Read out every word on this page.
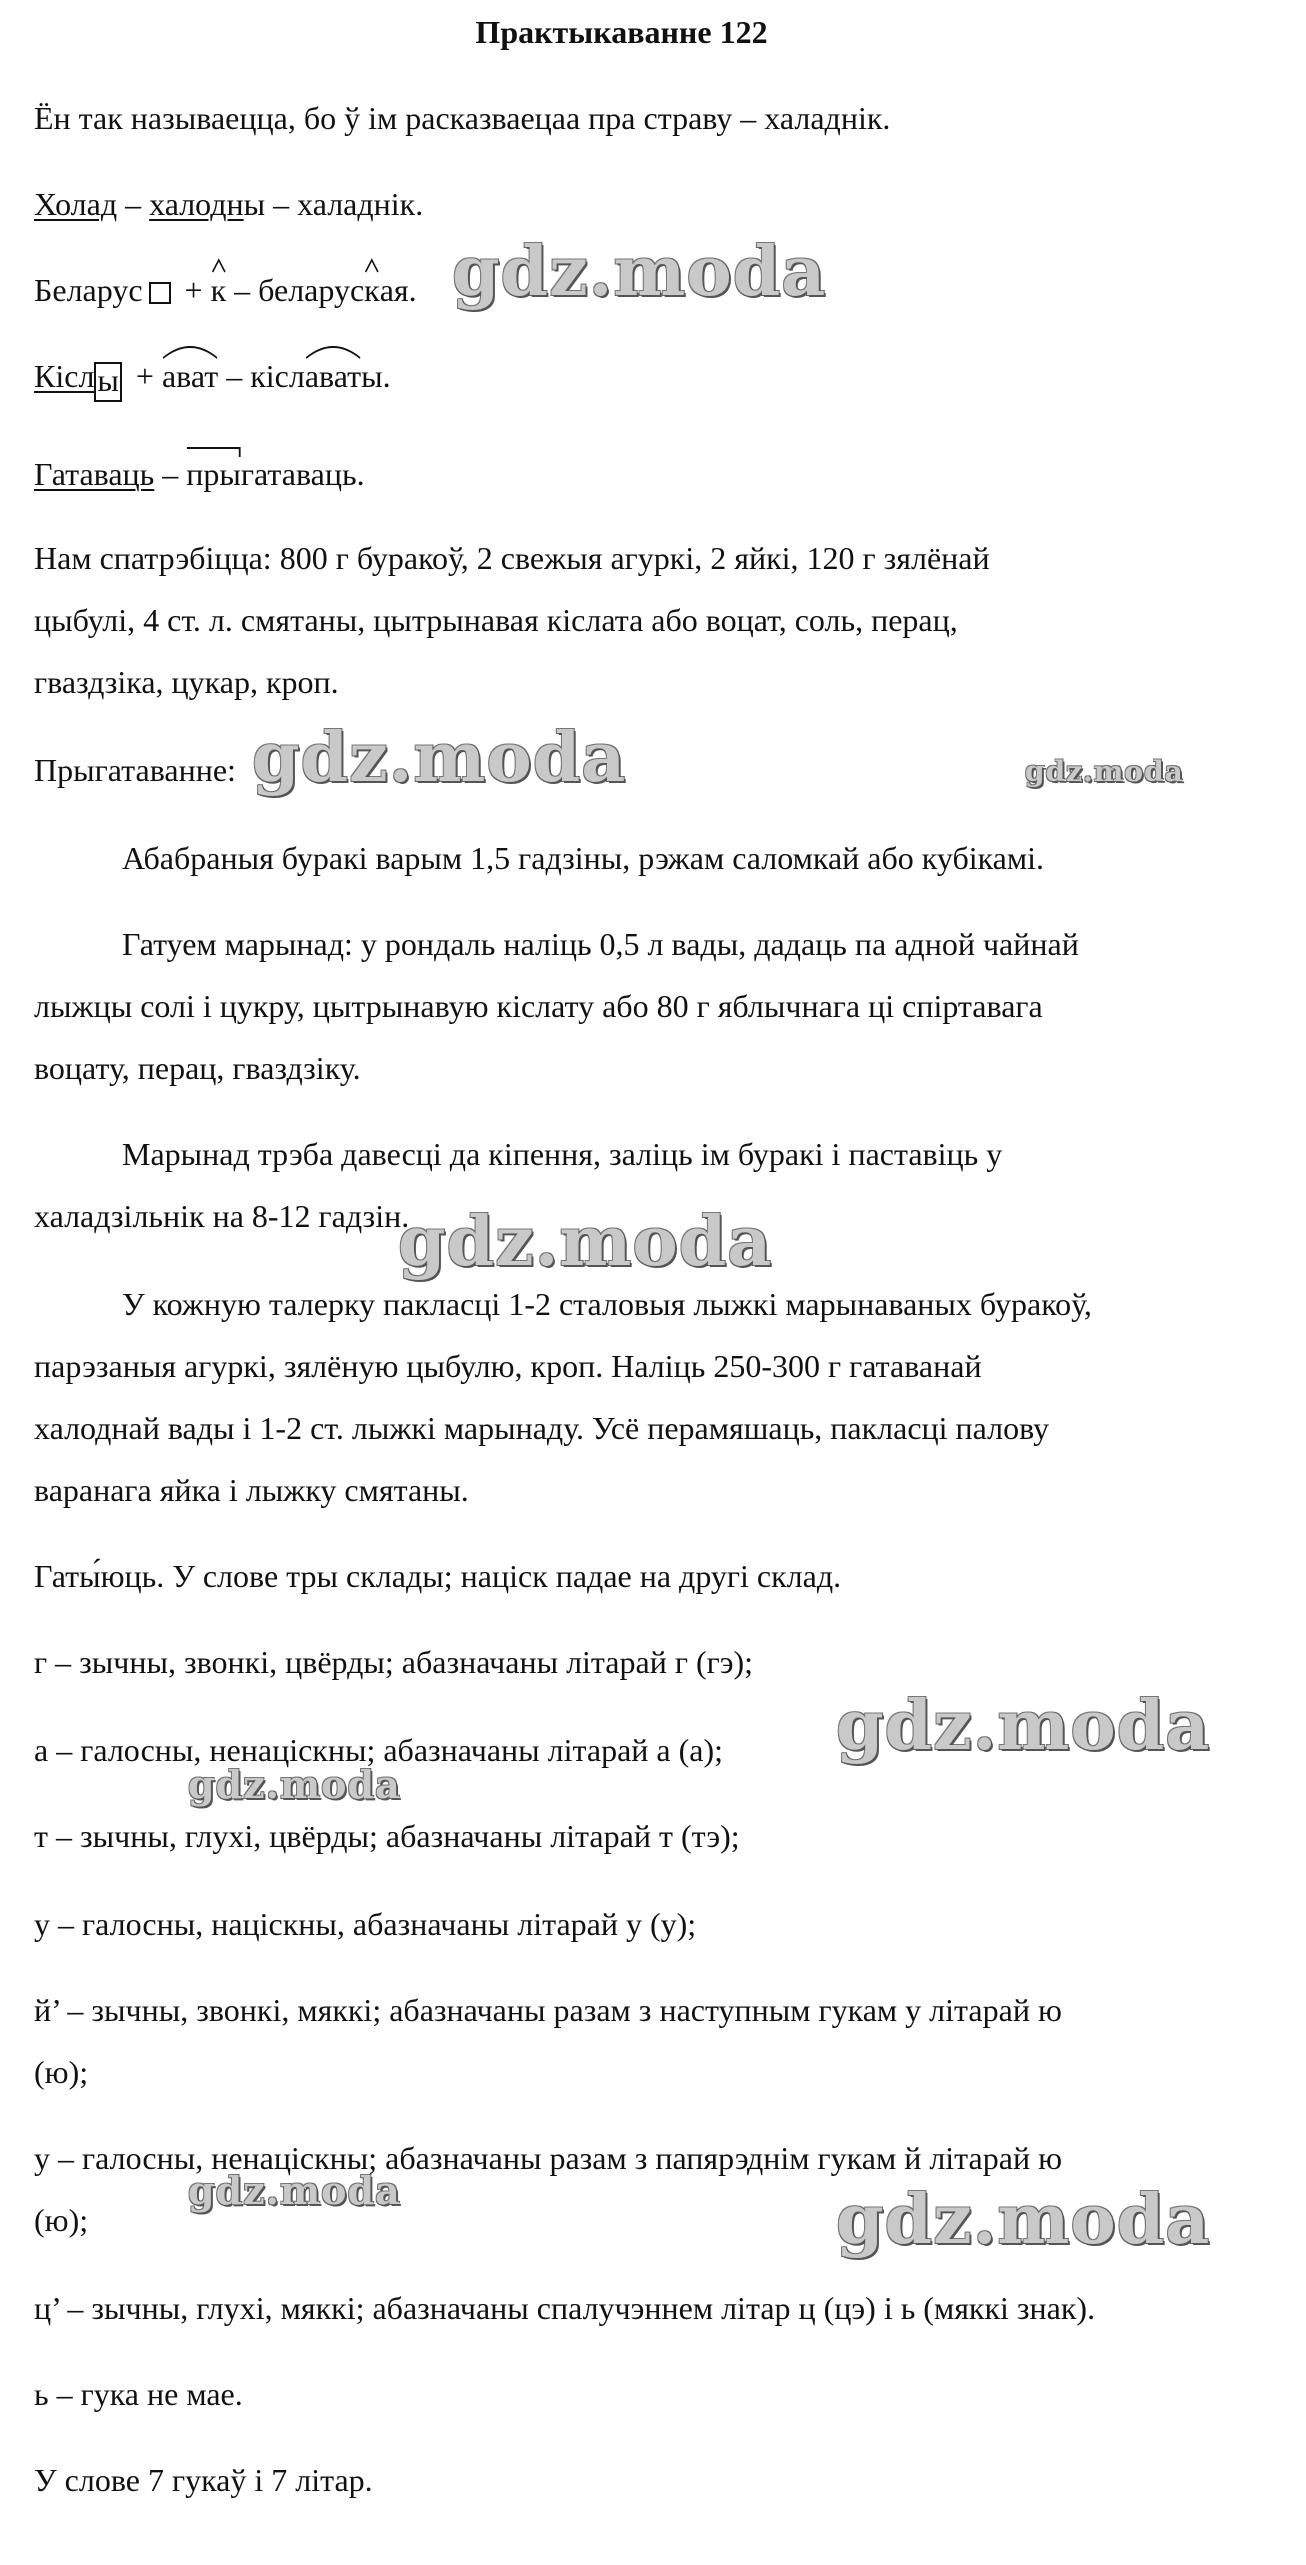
Практыкаванне 122
Ён так называецца, бо ў ім расказваецаа пра страву – халаднік.
Холад – халодны – халаднік.
Беларус +
к – беларус
кая.
Кіслы +
ават – кісл
аваты.
Гатаваць –
прыгатаваць.
Нам спатрэбіцца: 800 г буракоў, 2 свежыя агуркі, 2 яйкі, 120 г зялёнай
цыбулі, 4 ст. л. смятаны, цытрынавая кіслата або воцат, соль, перац,
гваздзіка, цукар, кроп.
Прыгатаванне:
Абабраныя буракі варым 1,5 гадзіны, рэжам саломкай або кубікамі.
Гатуем марынад: у рондаль наліць 0,5 л вады, дадаць па адной чайнай
лыжцы солі і цукру, цытрынавую кіслату або 80 г яблычнага ці спіртавага
воцату, перац, гваздзіку.
Марынад трэба давесці да кіпення, заліць ім буракі і паставіць у
халадзільнік на 8-12 гадзін.
У кожную талерку пакласці 1-2 сталовыя лыжкі марынаваных буракоў,
парэзаныя агуркі, зялёную цыбулю, кроп. Наліць 250-300 г гатаванай
халоднай вады і 1-2 ст. лыжкі марынаду. Усё перамяшаць, пакласці палову
варанага яйка і лыжку смятаны.
Гаты́юць. У слове тры склады; націск падае на другі склад.
г – зычны, звонкі, цвёрды; абазначаны літарай г (гэ);
а – галосны, ненаціскны; абазначаны літарай а (а);
т – зычны, глухі, цвёрды; абазначаны літарай т (тэ);
у – галосны, націскны, абазначаны літарай у (у);
й’ – зычны, звонкі, мяккі; абазначаны разам з наступным гукам у літарай ю
(ю);
у – галосны, ненаціскны; абазначаны разам з папярэднім гукам й літарай ю
(ю);
ц’ – зычны, глухі, мяккі; абазначаны спалучэннем літар ц (цэ) і ь (мяккі знак).
ь – гука не мае.
У слове 7 гукаў і 7 літар.
gdz.moda
gdz.moda	gdz.moda
gdz.moda
gdz.moda
gdz.moda
gdz.moda	gdz.moda
